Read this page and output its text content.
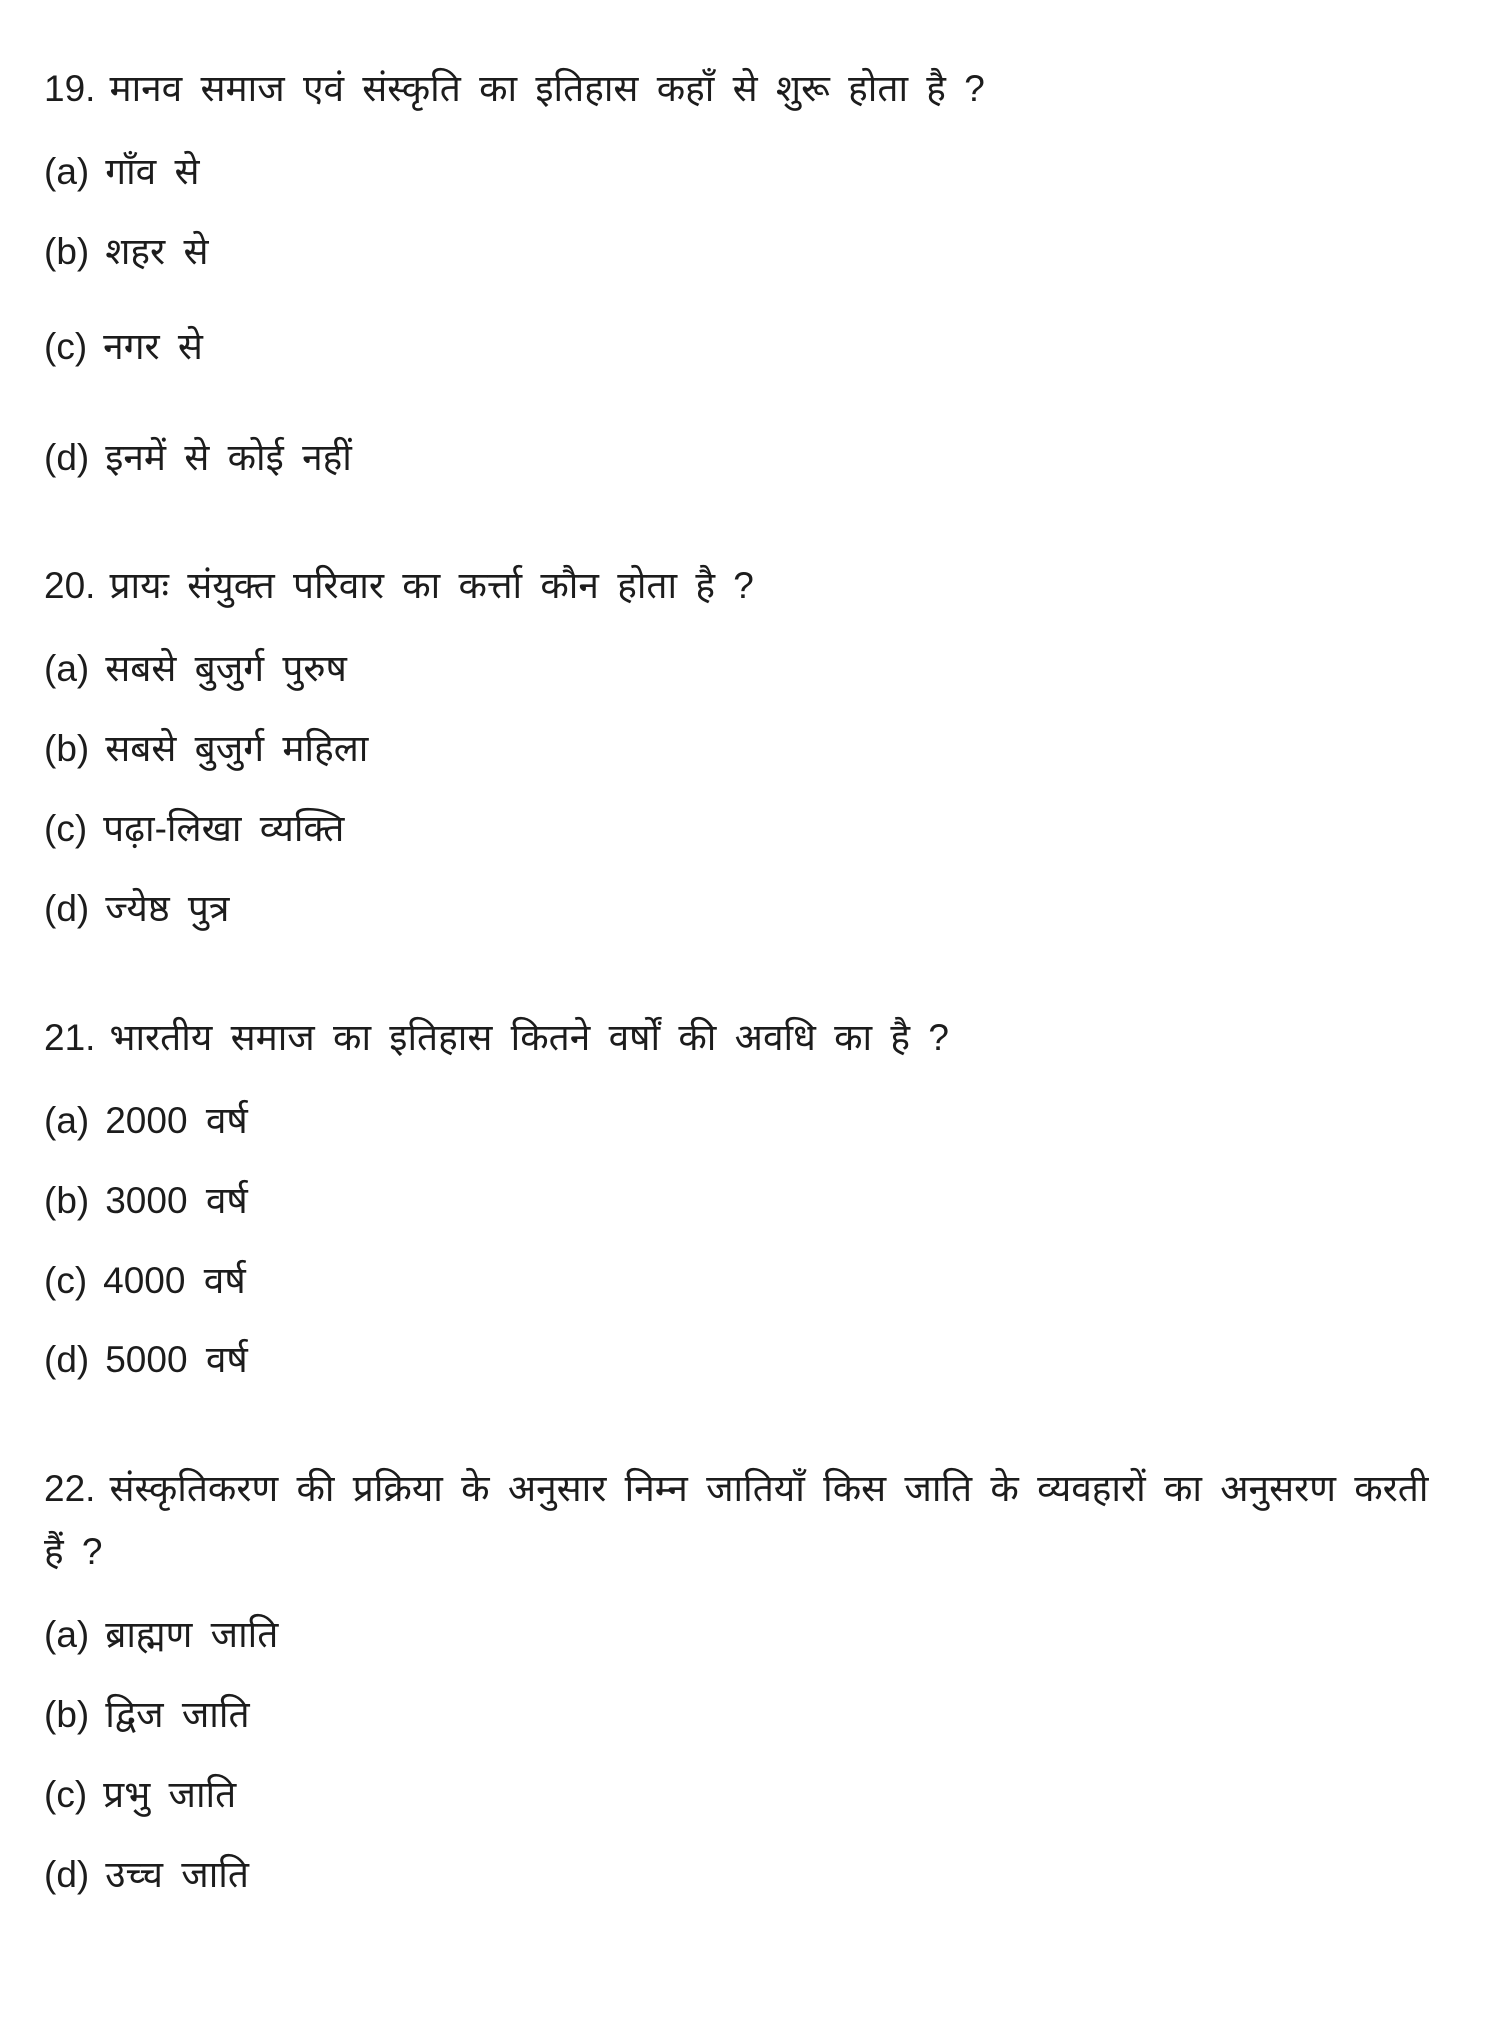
19. मानव समाज एवं संस्कृति का इतिहास कहाँ से शुरू होता है ?
(a) गाँव से
(b) शहर से
(c) नगर से
(d) इनमें से कोई नहीं
20. प्रायः संयुक्त परिवार का कर्त्ता कौन होता है ?
(a) सबसे बुजुर्ग पुरुष
(b) सबसे बुजुर्ग महिला
(c) पढ़ा-लिखा व्यक्ति
(d) ज्येष्ठ पुत्र
21. भारतीय समाज का इतिहास कितने वर्षों की अवधि का है ?
(a) 2000 वर्ष
(b) 3000 वर्ष
(c) 4000 वर्ष
(d) 5000 वर्ष
22. संस्कृतिकरण की प्रक्रिया के अनुसार निम्न जातियाँ किस जाति के व्यवहारों का अनुसरण करती हैं ?
(a) ब्राह्मण जाति
(b) द्विज जाति
(c) प्रभु जाति
(d) उच्च जाति
